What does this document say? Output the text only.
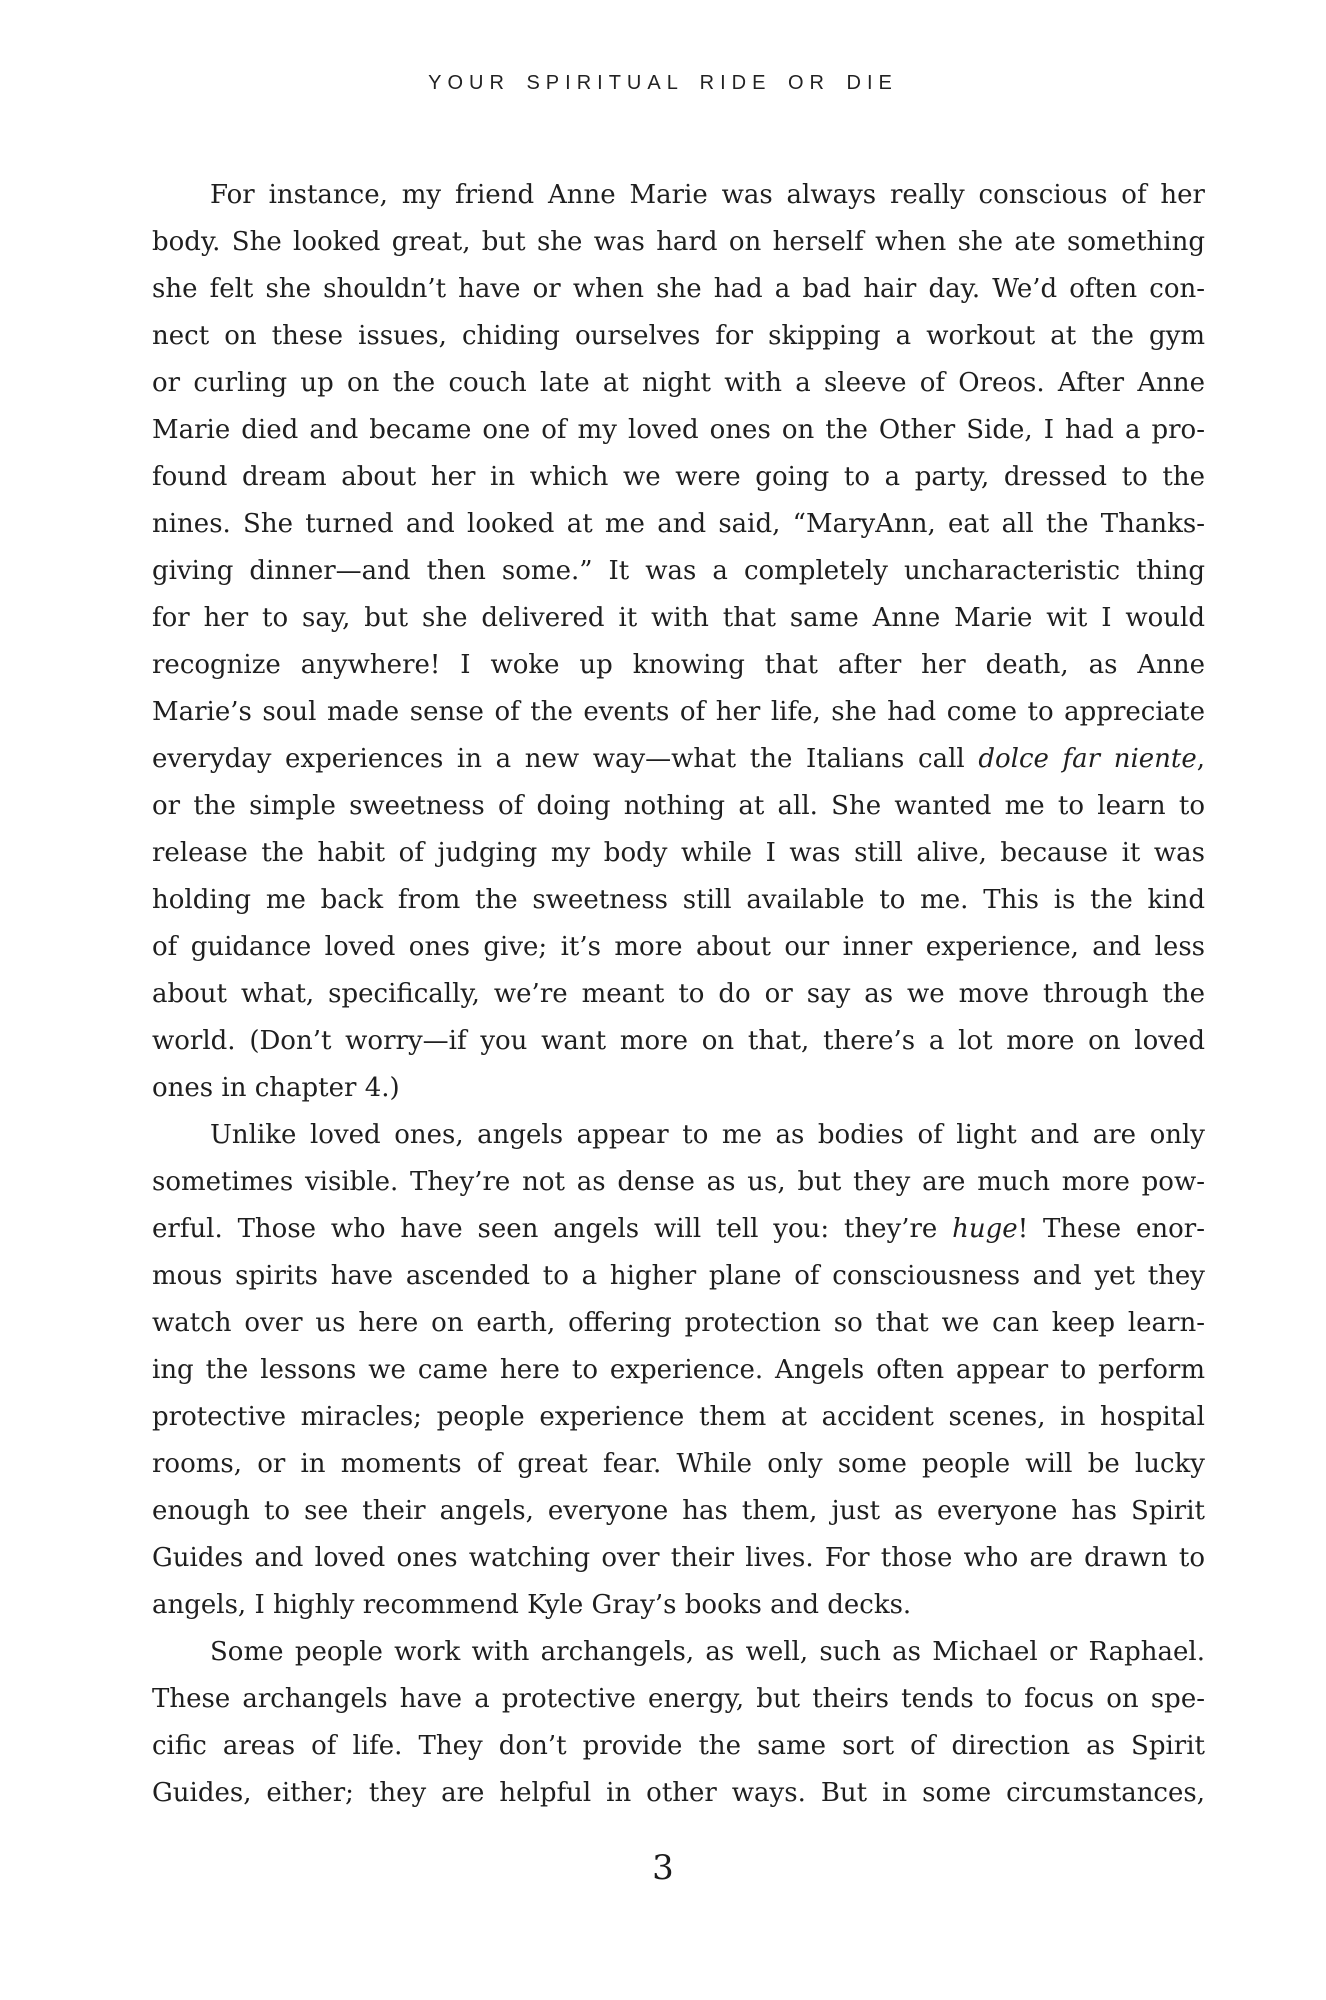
YOUR SPIRITUAL RIDE OR DIE
For instance, my friend Anne Marie was always really conscious of her
body. She looked great, but she was hard on herself when she ate something
she felt she shouldn’t have or when she had a bad hair day. We’d often con-
nect on these issues, chiding ourselves for skipping a workout at the gym
or curling up on the couch late at night with a sleeve of Oreos. After Anne
Marie died and became one of my loved ones on the Other Side, I had a pro-
found dream about her in which we were going to a party, dressed to the
nines. She turned and looked at me and said, “MaryAnn, eat all the Thanks-
giving dinner—and then some.” It was a completely uncharacteristic thing
for her to say, but she delivered it with that same Anne Marie wit I would
recognize anywhere! I woke up knowing that after her death, as Anne
Marie’s soul made sense of the events of her life, she had come to appreciate
everyday experiences in a new way—what the Italians call dolce far niente,
or the simple sweetness of doing nothing at all. She wanted me to learn to
release the habit of judging my body while I was still alive, because it was
holding me back from the sweetness still available to me. This is the kind
of guidance loved ones give; it’s more about our inner experience, and less
about what, specifically, we’re meant to do or say as we move through the
world. (Don’t worry—if you want more on that, there’s a lot more on loved
ones in chapter 4.)
Unlike loved ones, angels appear to me as bodies of light and are only
sometimes visible. They’re not as dense as us, but they are much more pow-
erful. Those who have seen angels will tell you: they’re huge! These enor-
mous spirits have ascended to a higher plane of consciousness and yet they
watch over us here on earth, offering protection so that we can keep learn-
ing the lessons we came here to experience. Angels often appear to perform
protective miracles; people experience them at accident scenes, in hospital
rooms, or in moments of great fear. While only some people will be lucky
enough to see their angels, everyone has them, just as everyone has Spirit
Guides and loved ones watching over their lives. For those who are drawn to
angels, I highly recommend Kyle Gray’s books and decks.
Some people work with archangels, as well, such as Michael or Raphael.
These archangels have a protective energy, but theirs tends to focus on spe-
cific areas of life. They don’t provide the same sort of direction as Spirit
Guides, either; they are helpful in other ways. But in some circumstances,
3
